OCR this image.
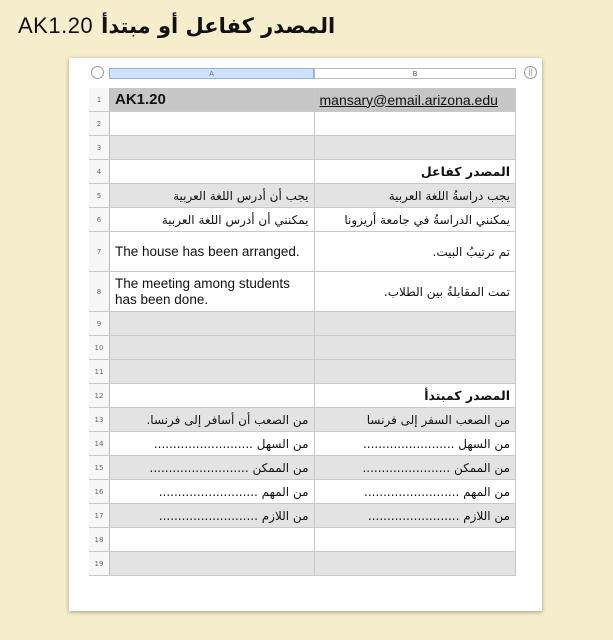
AK1.20 المصدر كفاعل أو مبتدأ
A	B	||
1 AK1.20	mansary@email.arizona.edu
2
3
4	المصدر كفاعل
5	يجب أن أدرس اللغة العربية	يجب دراسةُ اللغة العربية
6	يمكنني أن أدرس اللغة العربية	يمكنني الدراسةُ في جامعة أريزونا
7	The house has been arranged.	تم ترتيبُ البيت.
8
The meeting among students has been done.	تمت المقابلةُ بين الطلاب.
9
10
11
12	المصدر كمبتدأ
13	من الصعب أن أسافر إلى فرنسا.	من الصعب السفر إلى فرنسا
14	من السهل ..........................	من السهل ........................
15	من الممكن ..........................	من الممكن .......................
16	من المهم ..........................	من المهم .........................
17	من اللازم ..........................	من اللازم ........................
18
19
